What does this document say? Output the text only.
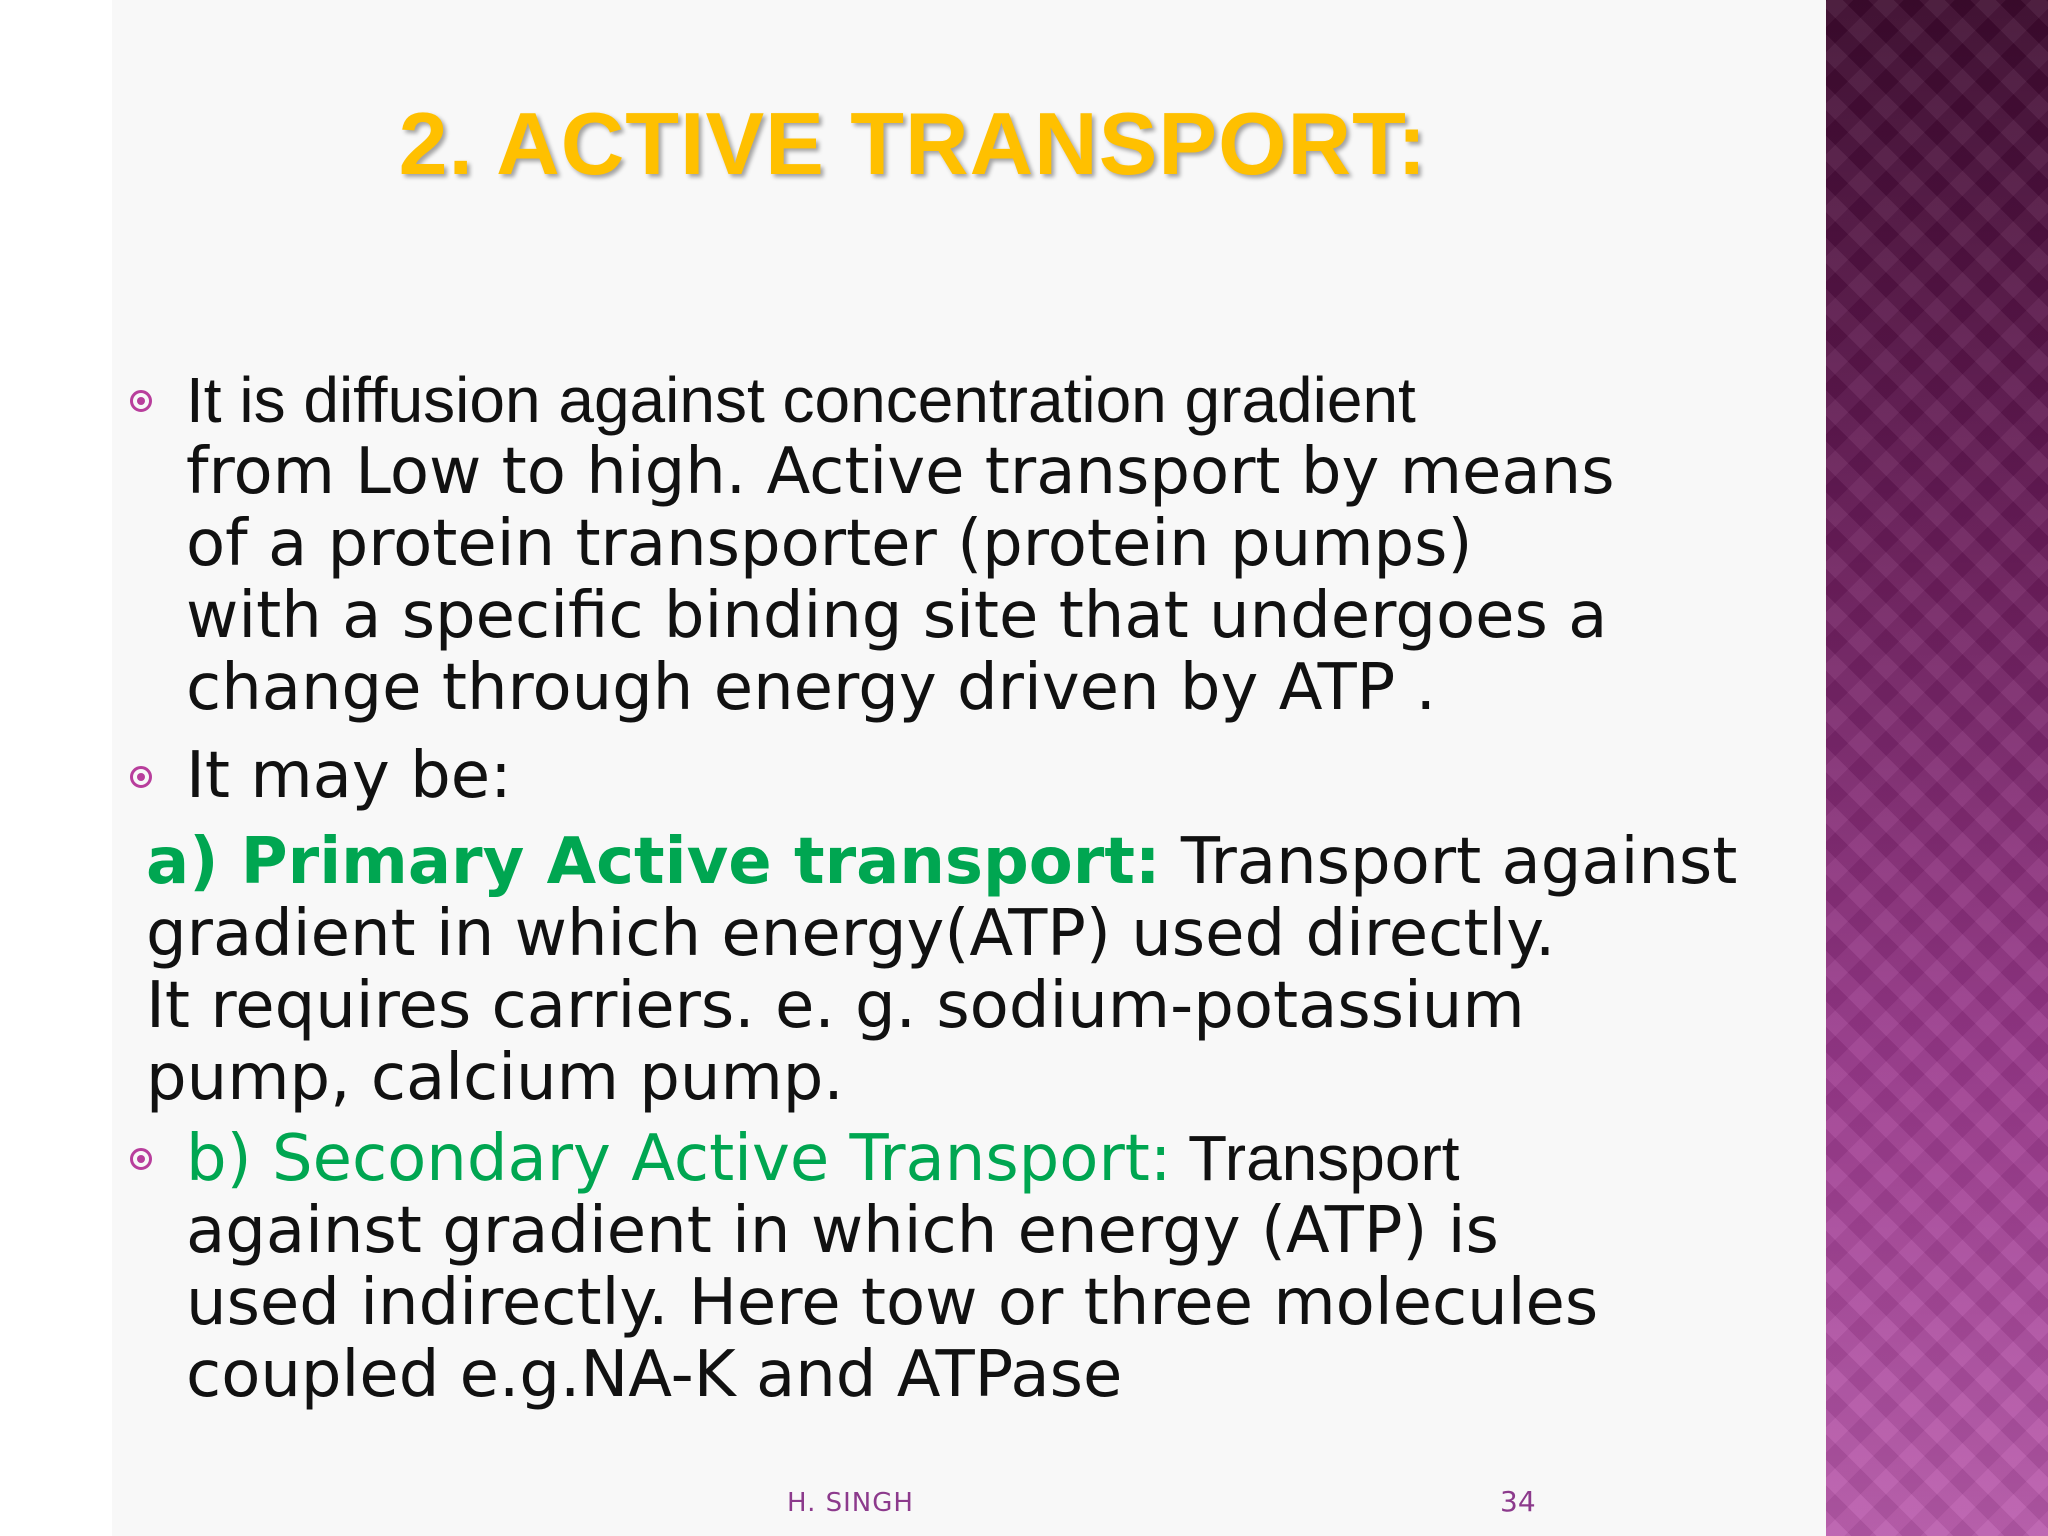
2. ACTIVE TRANSPORT:

It is diffusion against concentration gradient

from Low to high. Active transport by means
of a protein transporter (protein pumps)
with a specific binding site that undergoes a
change through energy driven by ATP .

It may be:

a) Primary Active transport: Transport against
gradient in which energy(ATP) used directly.
It requires carriers. e. g. sodium-potassium
pump, calcium pump.

b) Secondary Active Transport: Transport
against gradient in which energy (ATP) is
used indirectly. Here tow or three molecules
coupled e.g.NA-K and ATPase

H. SINGH	34
